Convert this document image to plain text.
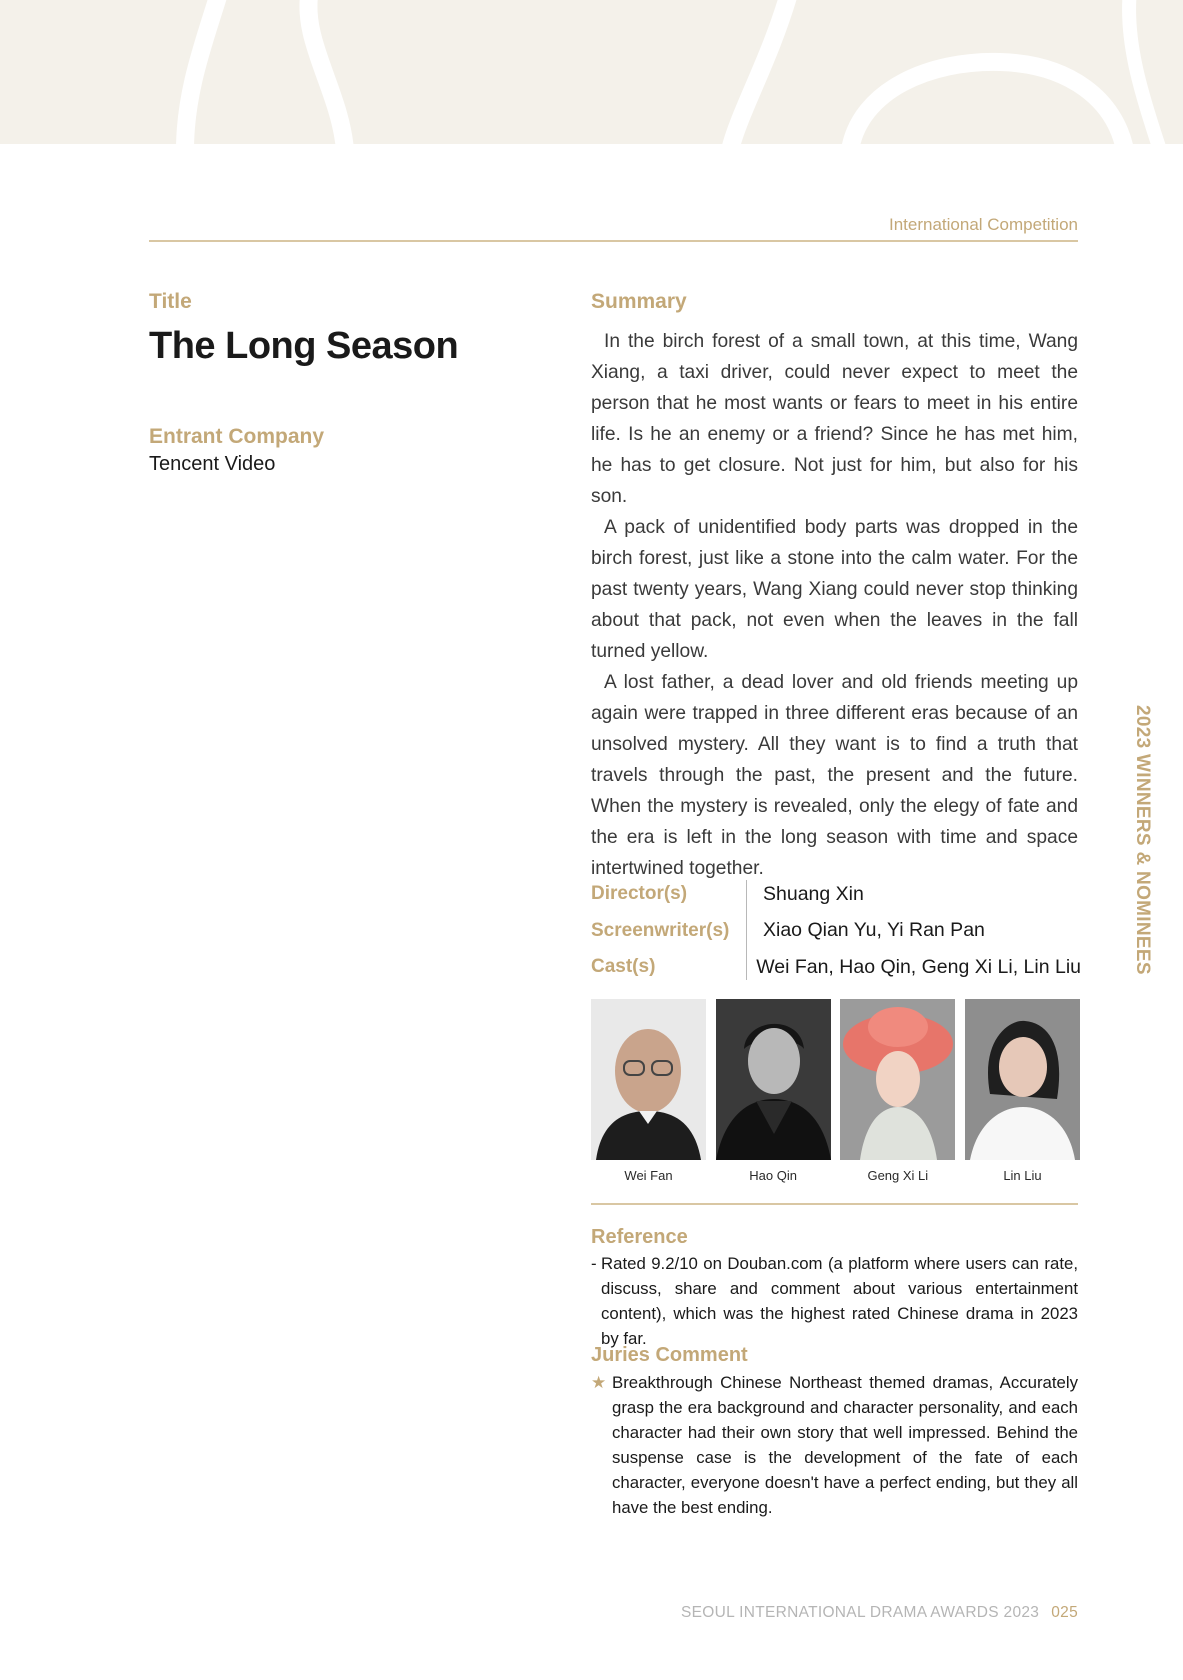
International Competition
Title
The Long Season
Entrant Company
Tencent Video
Summary

In the birch forest of a small town, at this time, Wang Xiang, a taxi driver, could never expect to meet the person that he most wants or fears to meet in his entire life. Is he an enemy or a friend? Since he has met him, he has to get closure. Not just for him, but also for his son.

A pack of unidentified body parts was dropped in the birch forest, just like a stone into the calm water. For the past twenty years, Wang Xiang could never stop thinking about that pack, not even when the leaves in the fall turned yellow.

A lost father, a dead lover and old friends meeting up again were trapped in three different eras because of an unsolved mystery. All they want is to find a truth that travels through the past, the present and the future. When the mystery is revealed, only the elegy of fate and the era is left in the long season with time and space intertwined together.

Director(s)	Shuang Xin
Screenwriter(s)	Xiao Qian Yu, Yi Ran Pan
Cast(s)	Wei Fan, Hao Qin, Geng Xi Li, Lin Liu
Wei Fan	Hao Qin	Geng Xi Li	Lin Liu
Reference
- Rated 9.2/10 on Douban.com (a platform where users can rate, discuss, share and comment about various entertainment content), which was the highest rated Chinese drama in 2023 by far.
Juries Comment
★ Breakthrough Chinese Northeast themed dramas, Accurately grasp the era background and character personality, and each character had their own story that well impressed. Behind the suspense case is the development of the fate of each character, everyone doesn't have a perfect ending, but they all have the best ending.
2023 WINNERS & NOMINEES
SEOUL INTERNATIONAL DRAMA AWARDS 2023 025
